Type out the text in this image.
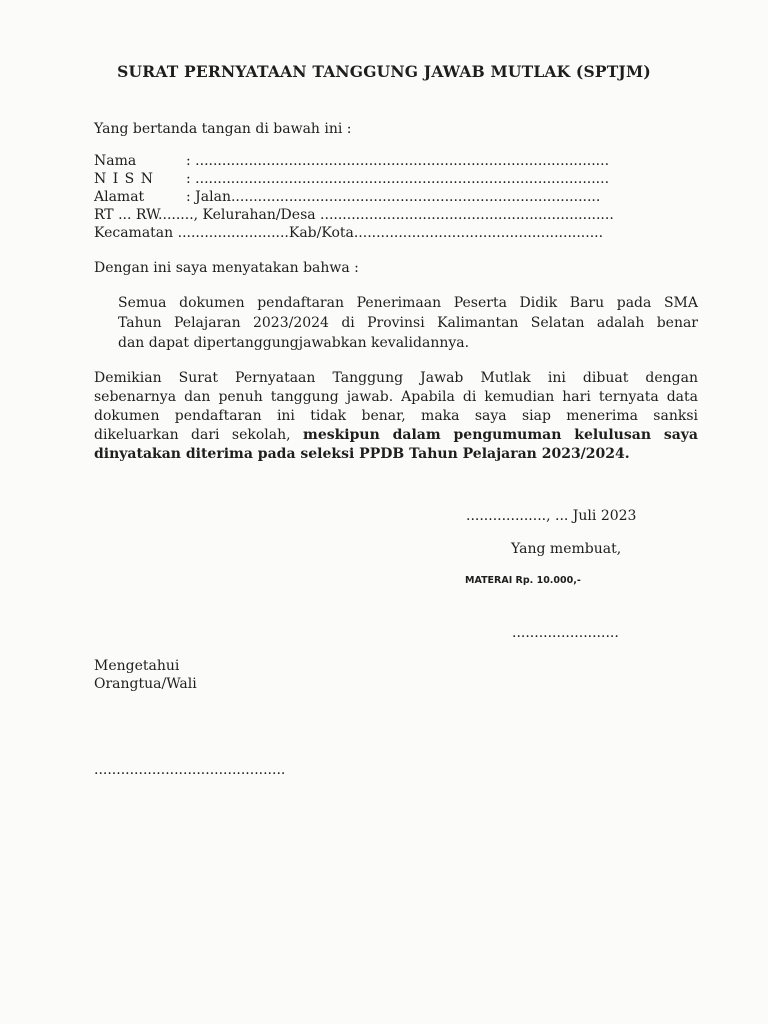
SURAT PERNYATAAN TANGGUNG JAWAB MUTLAK (SPTJM)
Yang bertanda tangan di bawah ini :
Nama	: .............................................................................................
N I S N : .............................................................................................
Alamat	: Jalan...................................................................................
RT ... RW........, Kelurahan/Desa ..................................................................
Kecamatan .........................Kab/Kota........................................................
Dengan ini saya menyatakan bahwa :
Semua dokumen pendaftaran Penerimaan Peserta Didik Baru pada SMA
Tahun Pelajaran 2023/2024 di Provinsi Kalimantan Selatan adalah benar
dan dapat dipertanggungjawabkan kevalidannya.
Demikian Surat Pernyataan Tanggung Jawab Mutlak ini dibuat dengan
sebenarnya dan penuh tanggung jawab. Apabila di kemudian hari ternyata data
dokumen pendaftaran ini tidak benar, maka saya siap menerima sanksi
dikeluarkan dari sekolah, meskipun dalam pengumuman kelulusan saya
dinyatakan diterima pada seleksi PPDB Tahun Pelajaran 2023/2024.
.................., ... Juli 2023
Yang membuat,
MATERAI Rp. 10.000,-
........................
Mengetahui
Orangtua/Wali
...........................................
